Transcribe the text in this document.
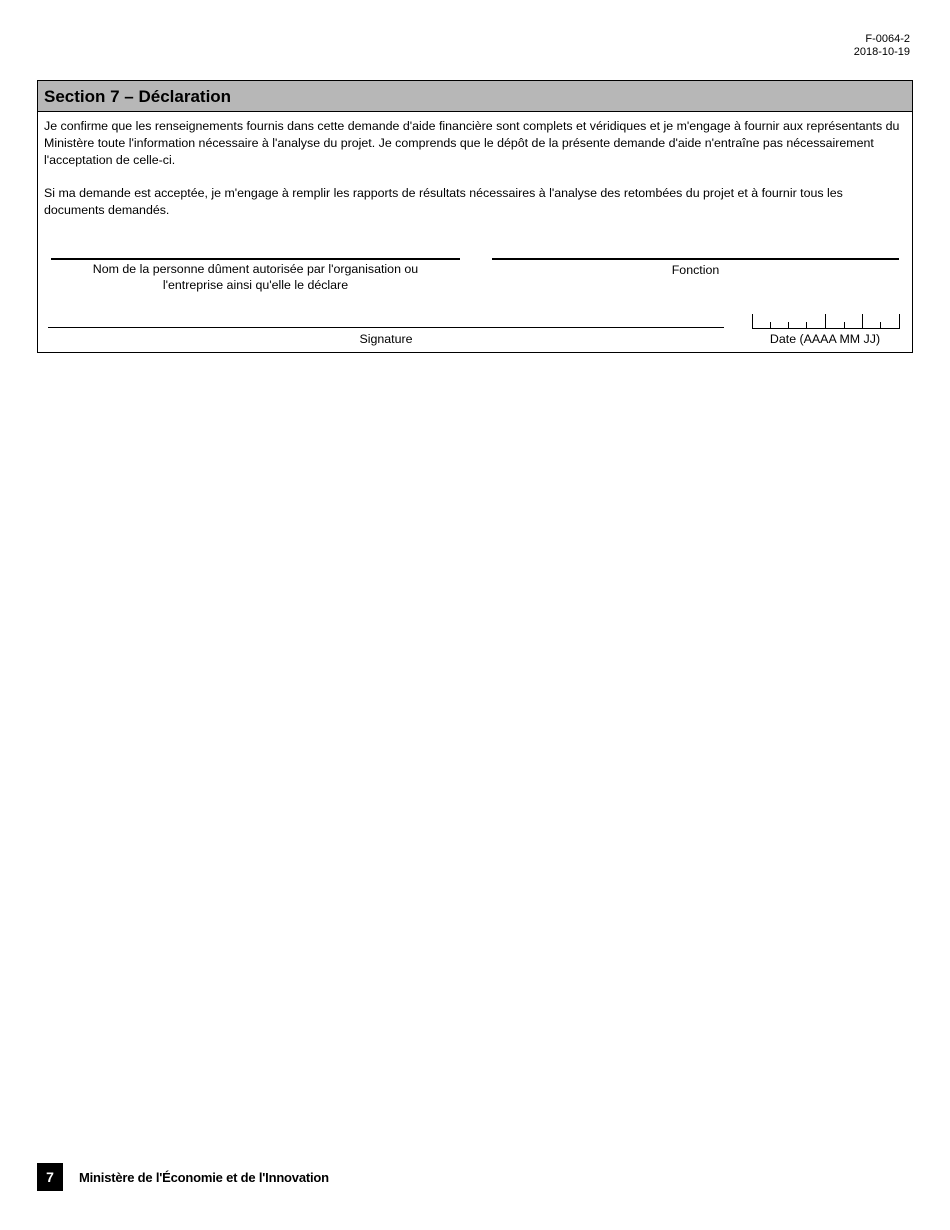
F-0064-2
2018-10-19
Section 7 – Déclaration
Je confirme que les renseignements fournis dans cette demande d'aide financière sont complets et véridiques et je m'engage à fournir aux représentants du Ministère toute l'information nécessaire à l'analyse du projet. Je comprends que le dépôt de la présente demande d'aide n'entraîne pas nécessairement l'acceptation de celle-ci.
Si ma demande est acceptée, je m'engage à remplir les rapports de résultats nécessaires à l'analyse des retombées du projet et à fournir tous les documents demandés.
Nom de la personne dûment autorisée par l'organisation ou
l'entreprise ainsi qu'elle le déclare
Fonction
Signature	Date (AAAA MM JJ)
7	Ministère de l'Économie et de l'Innovation
